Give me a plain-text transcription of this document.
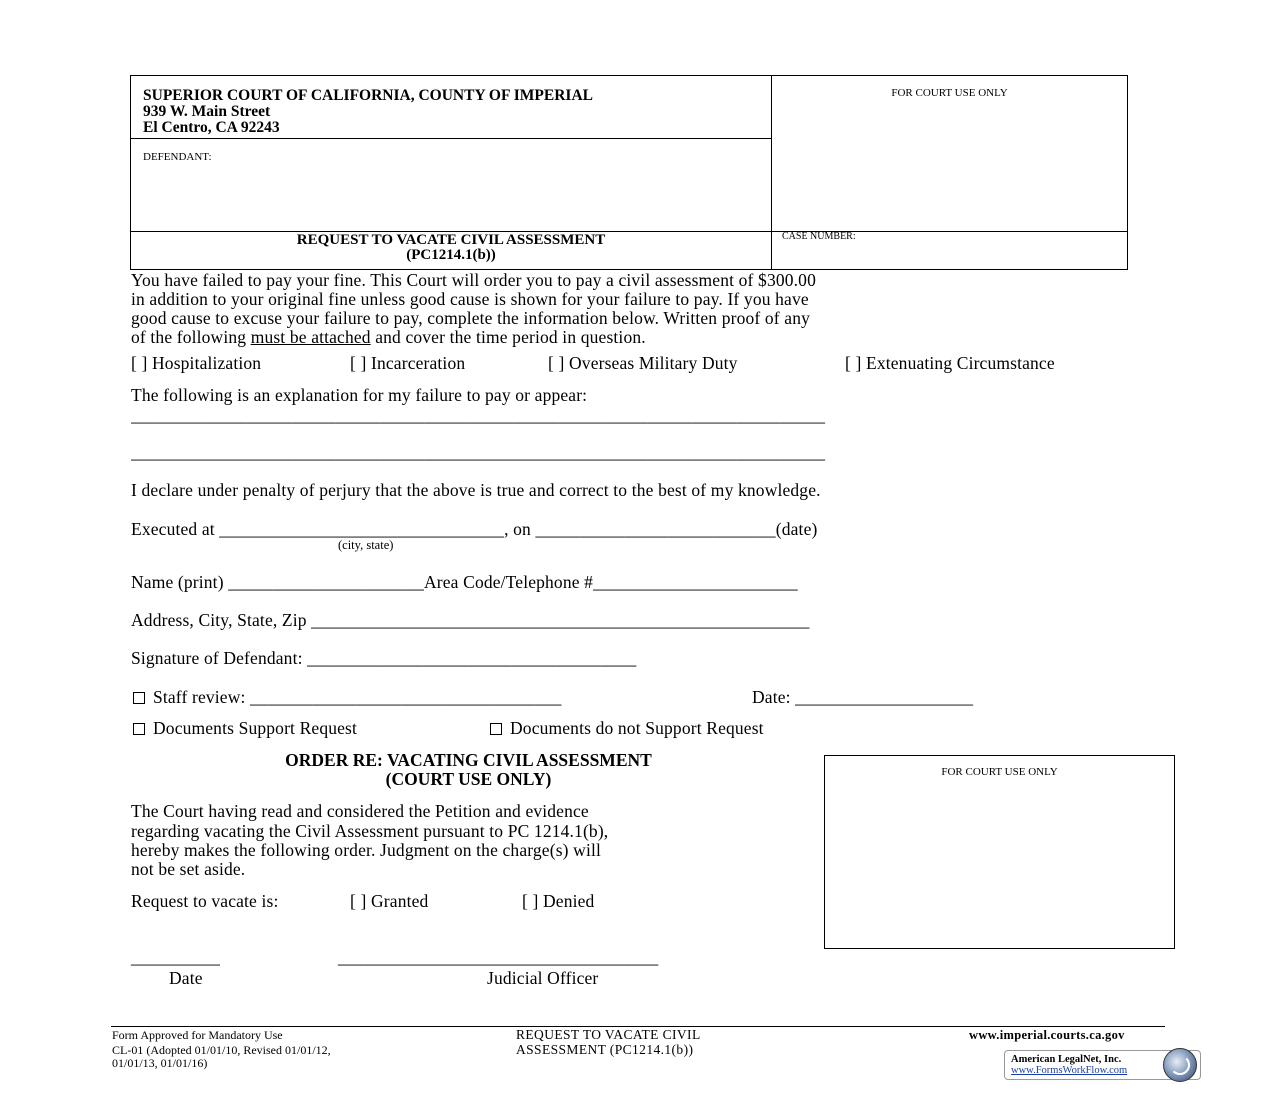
SUPERIOR COURT OF CALIFORNIA, COUNTY OF IMPERIAL
939 W. Main Street
El Centro, CA 92243
DEFENDANT:
FOR COURT USE ONLY
REQUEST TO VACATE CIVIL ASSESSMENT
(PC1214.1(b))
CASE NUMBER:
You have failed to pay your fine. This Court will order you to pay a civil assessment of $300.00
in addition to your original fine unless good cause is shown for your failure to pay. If you have
good cause to excuse your failure to pay, complete the information below. Written proof of any
of the following must be attached and cover the time period in question.
[ ] Hospitalization	[ ] Incarceration	[ ] Overseas Military Duty	[ ] Extenuating Circumstance
The following is an explanation for my failure to pay or appear:
______________________________________________________________________________
______________________________________________________________________________
I declare under penalty of perjury that the above is true and correct to the best of my knowledge.
Executed at ________________________________, on ___________________________(date)
(city, state)
Name (print) ______________________Area Code/Telephone #_______________________
Address, City, State, Zip ________________________________________________________
Signature of Defendant: _____________________________________
Staff review: ___________________________________	Date: ____________________
Documents Support Request	Documents do not Support Request
ORDER RE: VACATING CIVIL ASSESSMENT
(COURT USE ONLY)
The Court having read and considered the Petition and evidence
regarding vacating the Civil Assessment pursuant to PC 1214.1(b),
hereby makes the following order. Judgment on the charge(s) will
not be set aside.
Request to vacate is:	[ ] Granted	[ ] Denied
FOR COURT USE ONLY
__________	____________________________________
Date	Judicial Officer
Form Approved for Mandatory Use
CL-01 (Adopted 01/01/10, Revised 01/01/12,
01/01/13, 01/01/16)
REQUEST TO VACATE CIVIL
ASSESSMENT (PC1214.1(b))
www.imperial.courts.ca.gov
American LegalNet, Inc.
www.FormsWorkFlow.com
